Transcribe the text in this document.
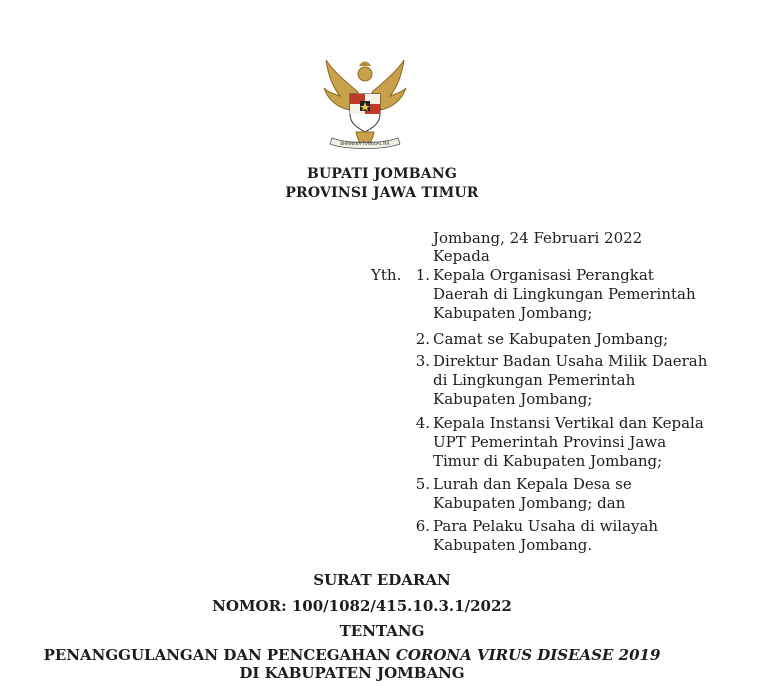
BHINNEKA TUNGGAL IKA
BUPATI JOMBANG
PROVINSI JAWA TIMUR
Jombang, 24 Februari 2022
Kepada
Yth. 1. Kepala Organisasi Perangkat
Daerah di Lingkungan Pemerintah
Kabupaten Jombang;
2. Camat se Kabupaten Jombang;
3. Direktur Badan Usaha Milik Daerah
di Lingkungan Pemerintah
Kabupaten Jombang;
4. Kepala Instansi Vertikal dan Kepala
UPT Pemerintah Provinsi Jawa
Timur di Kabupaten Jombang;
5. Lurah dan Kepala Desa se
Kabupaten Jombang; dan
6. Para Pelaku Usaha di wilayah
Kabupaten Jombang.
SURAT EDARAN
NOMOR: 100/1082/415.10.3.1/2022
TENTANG
PENANGGULANGAN DAN PENCEGAHAN CORONA VIRUS DISEASE 2019
DI KABUPATEN JOMBANG
